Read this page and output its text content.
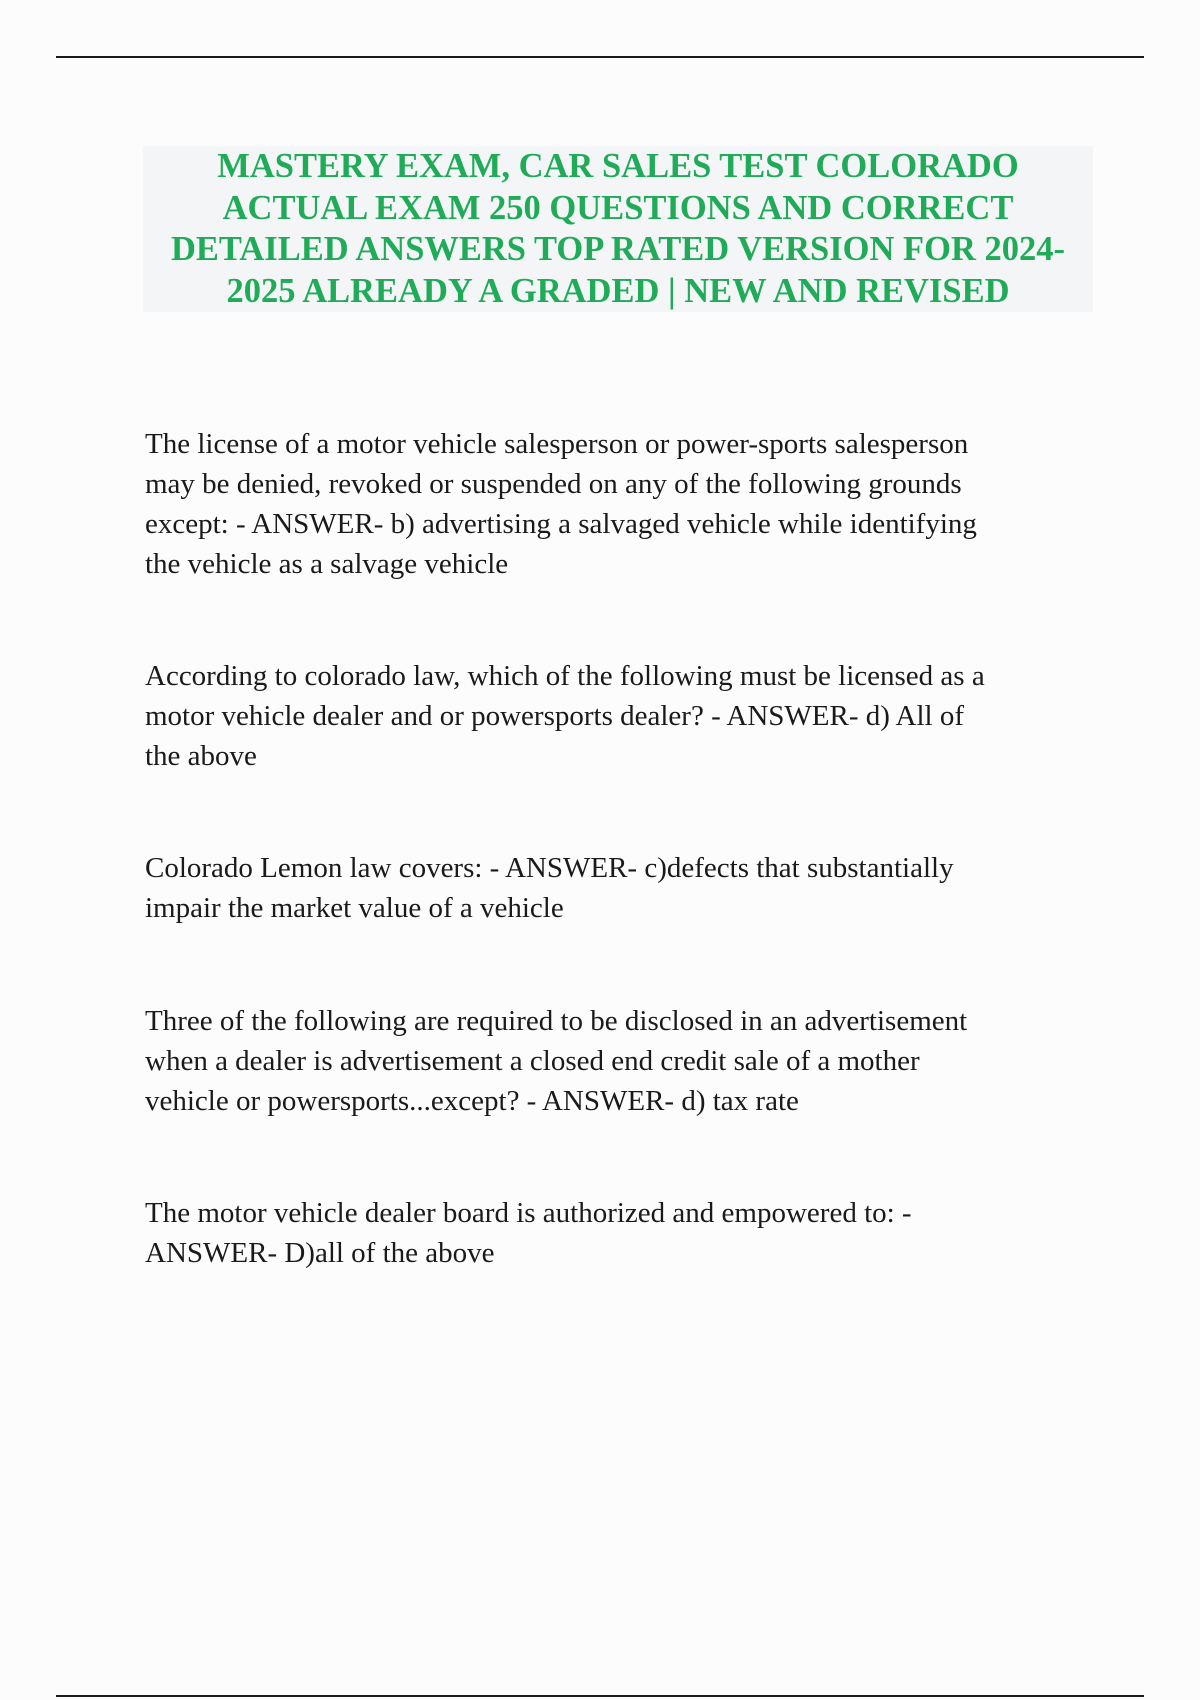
MASTERY EXAM, CAR SALES TEST COLORADO
ACTUAL EXAM 250 QUESTIONS AND CORRECT
DETAILED ANSWERS TOP RATED VERSION FOR 2024-
2025 ALREADY A GRADED | NEW AND REVISED

The license of a motor vehicle salesperson or power-sports salesperson
may be denied, revoked or suspended on any of the following grounds
except: - ANSWER- b) advertising a salvaged vehicle while identifying
the vehicle as a salvage vehicle

According to colorado law, which of the following must be licensed as a
motor vehicle dealer and or powersports dealer? - ANSWER- d) All of
the above

Colorado Lemon law covers: - ANSWER- c)defects that substantially
impair the market value of a vehicle

Three of the following are required to be disclosed in an advertisement
when a dealer is advertisement a closed end credit sale of a mother
vehicle or powersports...except? - ANSWER- d) tax rate

The motor vehicle dealer board is authorized and empowered to: -
ANSWER- D)all of the above
